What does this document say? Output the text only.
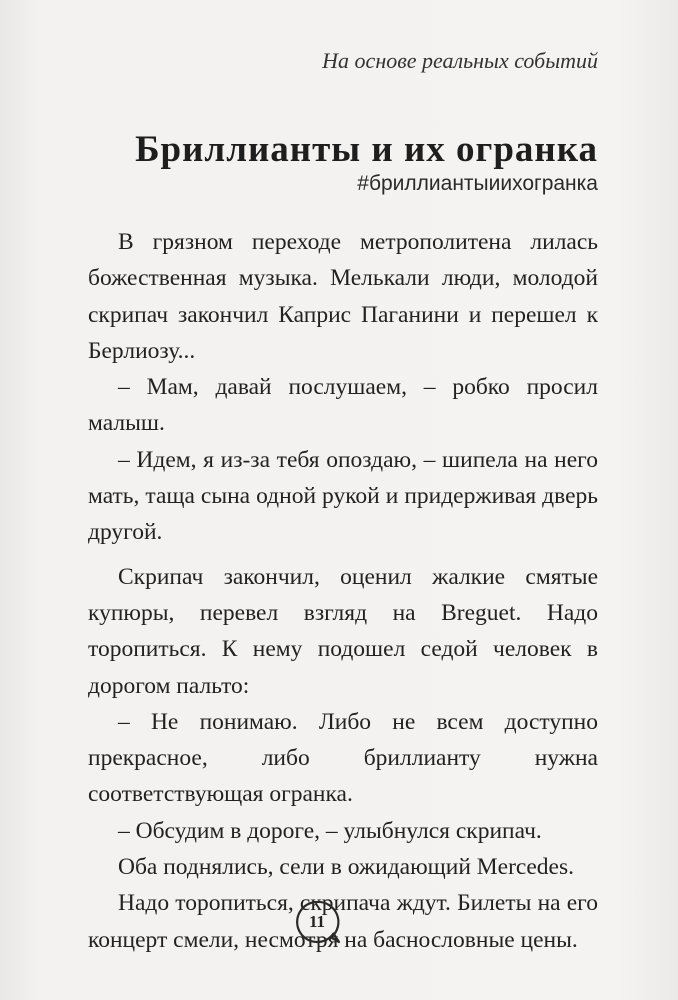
На основе реальных событий
Бриллианты и их огранка
#бриллиантыиихогранка

В грязном переходе метрополитена лилась божественная музыка. Мелькали люди, молодой скрипач закончил Каприс Паганини и перешел к Берлиозу...

– Мам, давай послушаем, – робко просил малыш.

– Идем, я из-за тебя опоздаю, – шипела на него мать, таща сына одной рукой и придерживая дверь другой.

Скрипач закончил, оценил жалкие смятые купюры, перевел взгляд на Breguet. Надо торопиться. К нему подошел седой человек в дорогом пальто:

– Не понимаю. Либо не всем доступно прекрасное, либо бриллианту нужна соответствующая огранка.

– Обсудим в дороге, – улыбнулся скрипач.

Оба поднялись, сели в ожидающий Mercedes.

Надо торопиться, скрипача ждут. Билеты на его концерт смели, несмотря на баснословные цены.

11
